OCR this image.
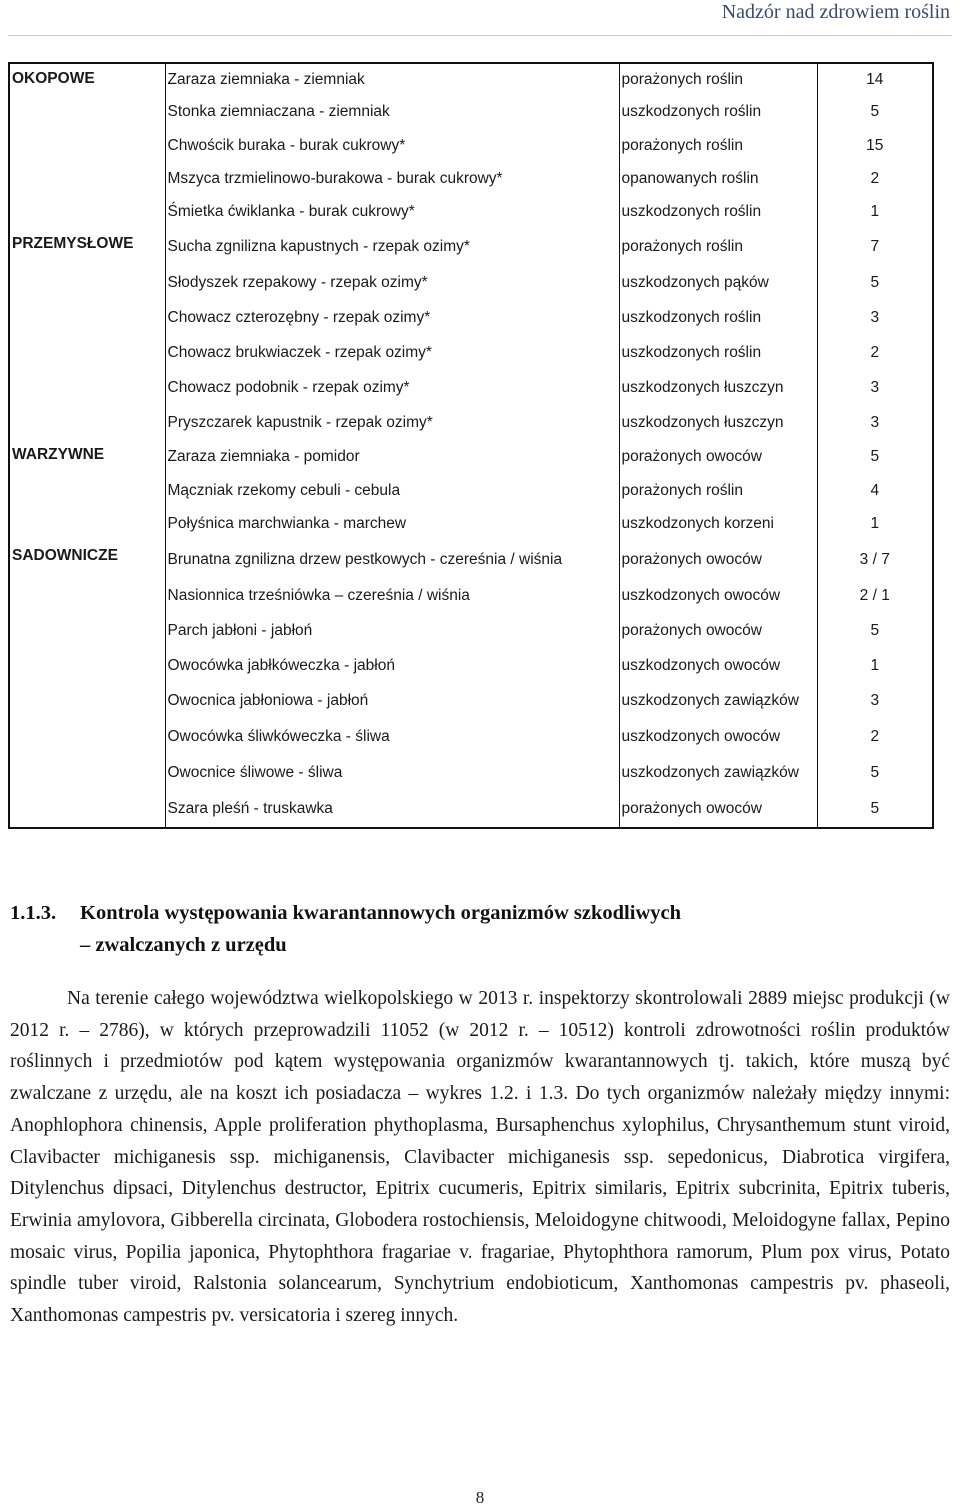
Nadzór nad zdrowiem roślin
OKOPOWE	Zaraza ziemniaka - ziemniak	porażonych roślin	14
	Stonka ziemniaczana - ziemniak	uszkodzonych roślin	5
	Chwościk buraka - burak cukrowy*	porażonych roślin	15
	Mszyca trzmielinowo-burakowa - burak cukrowy*	opanowanych roślin	2
	Śmietka ćwiklanka - burak cukrowy*	uszkodzonych roślin	1
PRZEMYSŁOWE	Sucha zgnilizna kapustnych - rzepak ozimy*	porażonych roślin	7
	Słodyszek rzepakowy - rzepak ozimy*	uszkodzonych pąków	5
	Chowacz czterozębny - rzepak ozimy*	uszkodzonych roślin	3
	Chowacz brukwiaczek - rzepak ozimy*	uszkodzonych roślin	2
	Chowacz podobnik - rzepak ozimy*	uszkodzonych łuszczyn	3
	Pryszczarek kapustnik - rzepak ozimy*	uszkodzonych łuszczyn	3
WARZYWNE	Zaraza ziemniaka - pomidor	porażonych owoców	5
	Mączniak rzekomy cebuli - cebula	porażonych roślin	4
	Połyśnica marchwianka - marchew	uszkodzonych korzeni	1
SADOWNICZE	Brunatna zgnilizna drzew pestkowych - czereśnia / wiśnia	porażonych owoców	3 / 7
	Nasionnica trześniówka – czereśnia / wiśnia	uszkodzonych owoców	2 / 1
	Parch jabłoni - jabłoń	porażonych owoców	5
	Owocówka jabłkóweczka - jabłoń	uszkodzonych owoców	1
	Owocnica jabłoniowa - jabłoń	uszkodzonych zawiązków	3
	Owocówka śliwkóweczka - śliwa	uszkodzonych owoców	2
	Owocnice śliwowe - śliwa	uszkodzonych zawiązków	5
	Szara pleśń - truskawka	porażonych owoców	5
1.1.3. Kontrola występowania kwarantannowych organizmów szkodliwych
– zwalczanych z urzędu
Na terenie całego województwa wielkopolskiego w 2013 r. inspektorzy skontrolowali 2889 miejsc produkcji (w 2012 r. – 2786), w których przeprowadzili 11052 (w 2012 r. – 10512) kontroli zdrowotności roślin produktów roślinnych i przedmiotów pod kątem występowania organizmów kwarantannowych tj. takich, które muszą być zwalczane z urzędu, ale na koszt ich posiadacza – wykres 1.2. i 1.3. Do tych organizmów należały między innymi: Anophlophora chinensis, Apple proliferation phythoplasma, Bursaphenchus xylophilus, Chrysanthemum stunt viroid, Clavibacter michiganesis ssp. michiganensis, Clavibacter michiganesis ssp. sepedonicus, Diabrotica virgifera, Ditylenchus dipsaci, Ditylenchus destructor, Epitrix cucumeris, Epitrix similaris, Epitrix subcrinita, Epitrix tuberis, Erwinia amylovora, Gibberella circinata, Globodera rostochiensis, Meloidogyne chitwoodi, Meloidogyne fallax, Pepino mosaic virus, Popilia japonica, Phytophthora fragariae v. fragariae, Phytophthora ramorum, Plum pox virus, Potato spindle tuber viroid, Ralstonia solancearum, Synchytrium endobioticum, Xanthomonas campestris pv. phaseoli, Xanthomonas campestris pv. versicatoria i szereg innych.
8
